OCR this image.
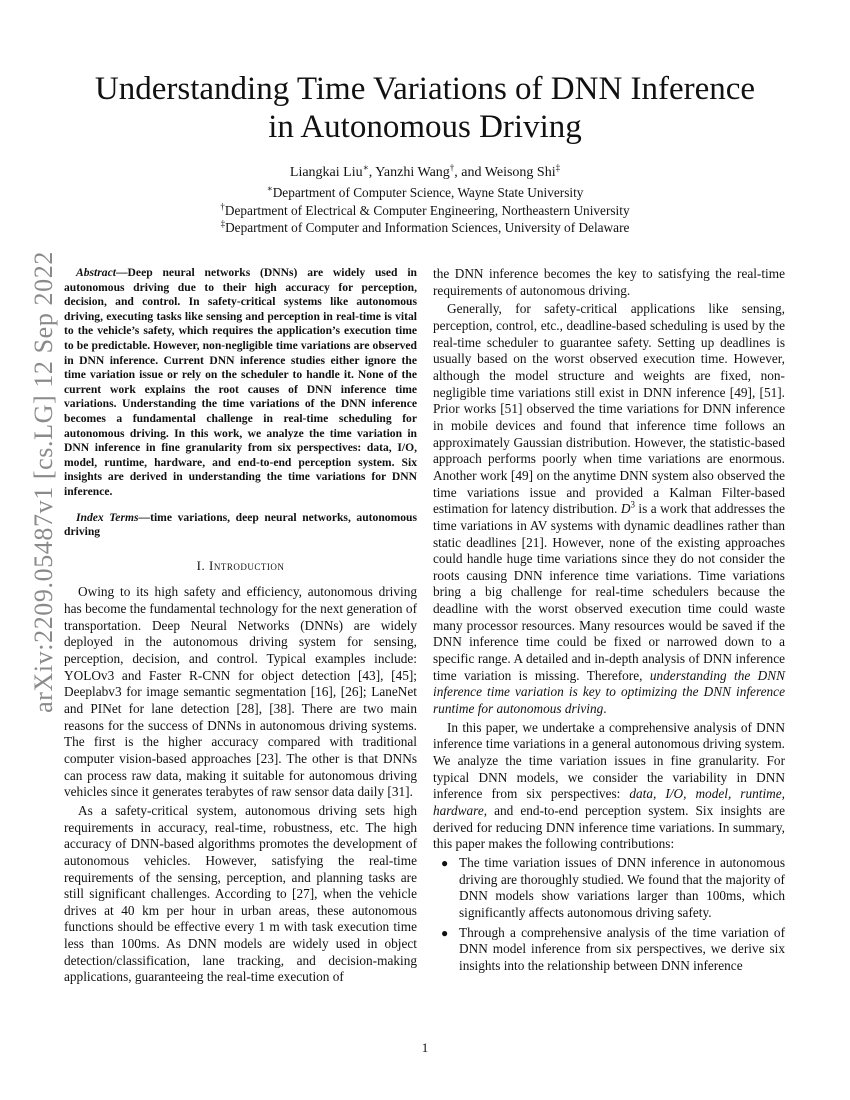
arXiv:2209.05487v1 [cs.LG] 12 Sep 2022
Understanding Time Variations of DNN Inference
in Autonomous Driving
Liangkai Liu∗, Yanzhi Wang†, and Weisong Shi‡
∗Department of Computer Science, Wayne State University
†Department of Electrical & Computer Engineering, Northeastern University
‡Department of Computer and Information Sciences, University of Delaware

Abstract—Deep neural networks (DNNs) are widely used in autonomous driving due to their high accuracy for perception, decision, and control. In safety-critical systems like autonomous driving, executing tasks like sensing and perception in real-time is vital to the vehicle’s safety, which requires the application’s execution time to be predictable. However, non-negligible time variations are observed in DNN inference. Current DNN inference studies either ignore the time variation issue or rely on the scheduler to handle it. None of the current work explains the root causes of DNN inference time variations. Understanding the time variations of the DNN inference becomes a fundamental challenge in real-time scheduling for autonomous driving. In this work, we analyze the time variation in DNN inference in fine granularity from six perspectives: data, I/O, model, runtime, hardware, and end-to-end perception system. Six insights are derived in understanding the time variations for DNN inference.

Index Terms—time variations, deep neural networks, autonomous driving

I. Introduction

Owing to its high safety and efficiency, autonomous driving has become the fundamental technology for the next generation of transportation. Deep Neural Networks (DNNs) are widely deployed in the autonomous driving system for sensing, perception, decision, and control. Typical examples include: YOLOv3 and Faster R-CNN for object detection [43], [45]; Deeplabv3 for image semantic segmentation [16], [26]; LaneNet and PINet for lane detection [28], [38]. There are two main reasons for the success of DNNs in autonomous driving systems. The first is the higher accuracy compared with traditional computer vision-based approaches [23]. The other is that DNNs can process raw data, making it suitable for autonomous driving vehicles since it generates terabytes of raw sensor data daily [31].

As a safety-critical system, autonomous driving sets high requirements in accuracy, real-time, robustness, etc. The high accuracy of DNN-based algorithms promotes the development of autonomous vehicles. However, satisfying the real-time requirements of the sensing, perception, and planning tasks are still significant challenges. According to [27], when the vehicle drives at 40 km per hour in urban areas, these autonomous functions should be effective every 1 m with task execution time less than 100ms. As DNN models are widely used in object detection/classification, lane tracking, and decision-making applications, guaranteeing the real-time execution of

the DNN inference becomes the key to satisfying the real-time requirements of autonomous driving.

Generally, for safety-critical applications like sensing, perception, control, etc., deadline-based scheduling is used by the real-time scheduler to guarantee safety. Setting up deadlines is usually based on the worst observed execution time. However, although the model structure and weights are fixed, non-negligible time variations still exist in DNN inference [49], [51]. Prior works [51] observed the time variations for DNN inference in mobile devices and found that inference time follows an approximately Gaussian distribution. However, the statistic-based approach performs poorly when time variations are enormous. Another work [49] on the anytime DNN system also observed the time variations issue and provided a Kalman Filter-based estimation for latency distribution. $D^3$ is a work that addresses the time variations in AV systems with dynamic deadlines rather than static deadlines [21]. However, none of the existing approaches could handle huge time variations since they do not consider the roots causing DNN inference time variations. Time variations bring a big challenge for real-time schedulers because the deadline with the worst observed execution time could waste many processor resources. Many resources would be saved if the DNN inference time could be fixed or narrowed down to a specific range. A detailed and in-depth analysis of DNN inference time variation is missing. Therefore, understanding the DNN inference time variation is key to optimizing the DNN inference runtime for autonomous driving.

In this paper, we undertake a comprehensive analysis of DNN inference time variations in a general autonomous driving system. We analyze the time variation issues in fine granularity. For typical DNN models, we consider the variability in DNN inference from six perspectives: data, I/O, model, runtime, hardware, and end-to-end perception system. Six insights are derived for reducing DNN inference time variations. In summary, this paper makes the following contributions:

● The time variation issues of DNN inference in autonomous driving are thoroughly studied. We found that the majority of DNN models show variations larger than 100ms, which significantly affects autonomous driving safety.
● Through a comprehensive analysis of the time variation of DNN model inference from six perspectives, we derive six insights into the relationship between DNN inference
1
